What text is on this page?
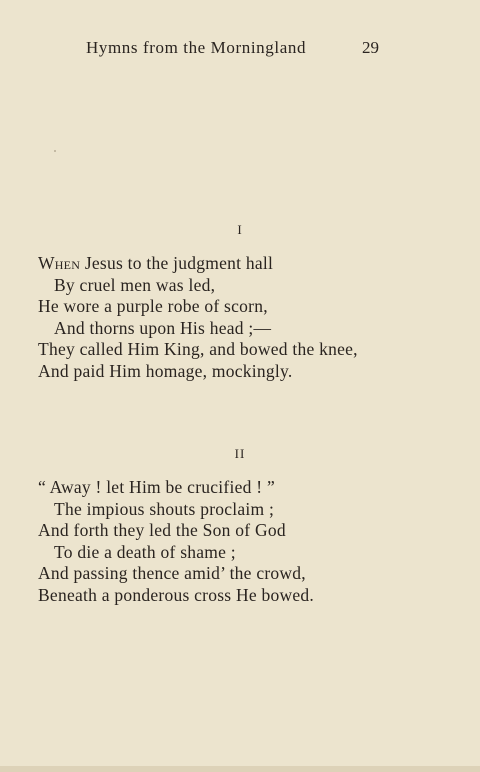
Hymns from the Morningland	29
I
When Jesus to the judgment hall
By cruel men was led,
He wore a purple robe of scorn,
And thorns upon His head ;—
They called Him King, and bowed the knee,
And paid Him homage, mockingly.
II
“ Away ! let Him be crucified ! ”
The impious shouts proclaim ;
And forth they led the Son of God
To die a death of shame ;
And passing thence amid’ the crowd,
Beneath a ponderous cross He bowed.
